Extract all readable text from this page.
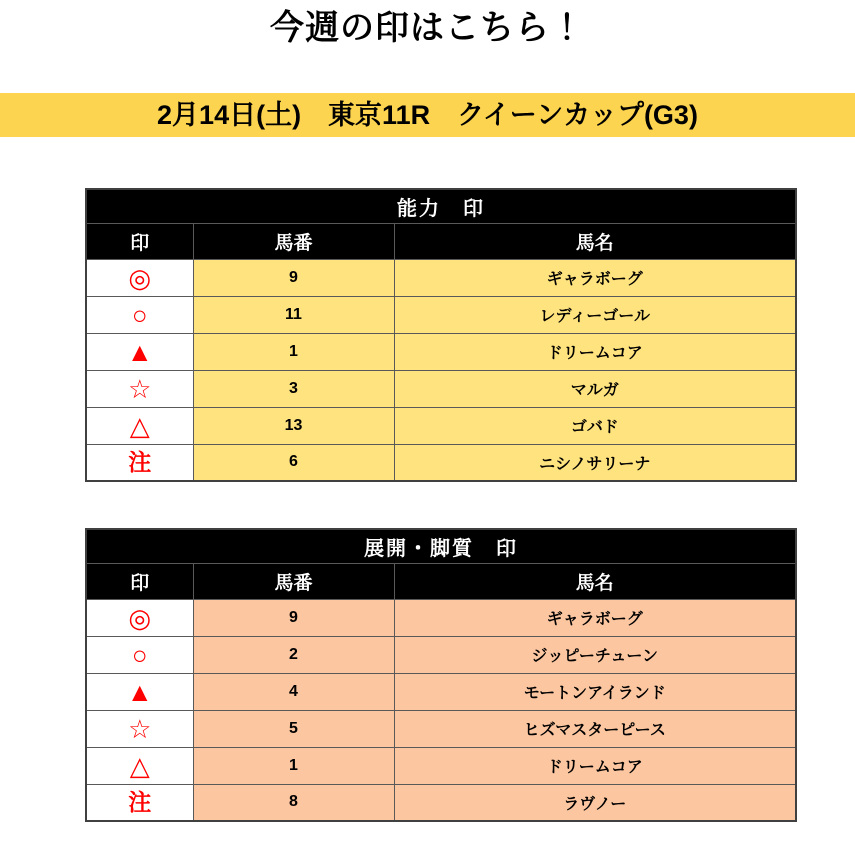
今週の印はこちら！
2月14日(土)　東京11R　クイーンカップ(G3)
能力　印		
印	馬番	馬名
◎	9	ギャラボーグ
○	11	レディーゴール
▲	1	ドリームコア
☆	3	マルガ
△	13	ゴバド
注	6	ニシノサリーナ
展開・脚質　印		
印	馬番	馬名
◎	9	ギャラボーグ
○	2	ジッピーチューン
▲	4	モートンアイランド
☆	5	ヒズマスターピース
△	1	ドリームコア
注	8	ラヴノー
